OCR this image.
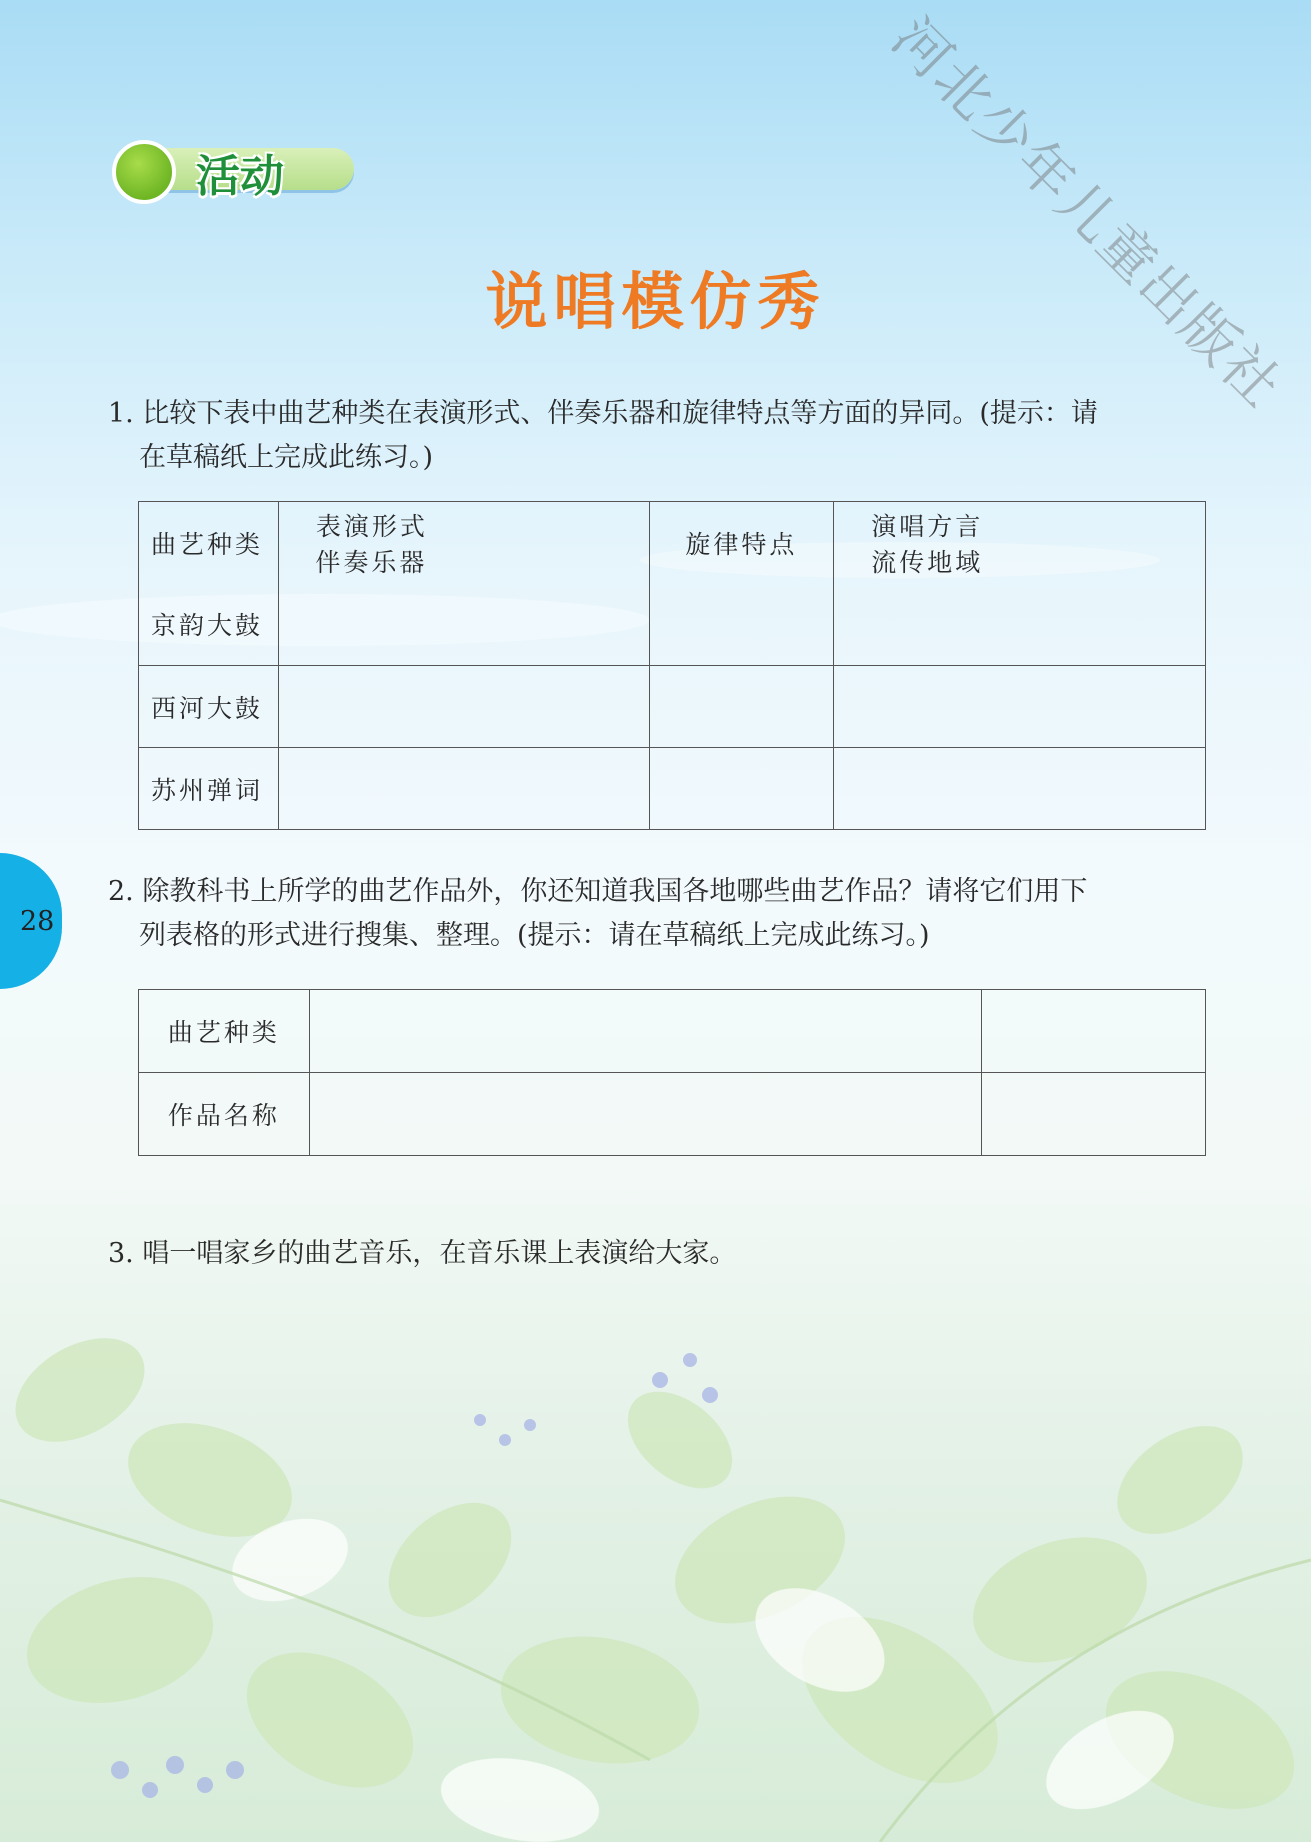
河北少年儿童出版社
活动
说唱模仿秀
1. 比较下表中曲艺种类在表演形式、伴奏乐器和旋律特点等方面的异同。(提示：请
在草稿纸上完成此练习。)
曲艺种类	表演形式伴奏乐器	旋律特点	演唱方言流传地域
京韵大鼓			
西河大鼓			
苏州弹词			
2. 除教科书上所学的曲艺作品外，你还知道我国各地哪些曲艺作品？请将它们用下
列表格的形式进行搜集、整理。(提示：请在草稿纸上完成此练习。)
曲艺种类		
作品名称		
3. 唱一唱家乡的曲艺音乐，在音乐课上表演给大家。
28
